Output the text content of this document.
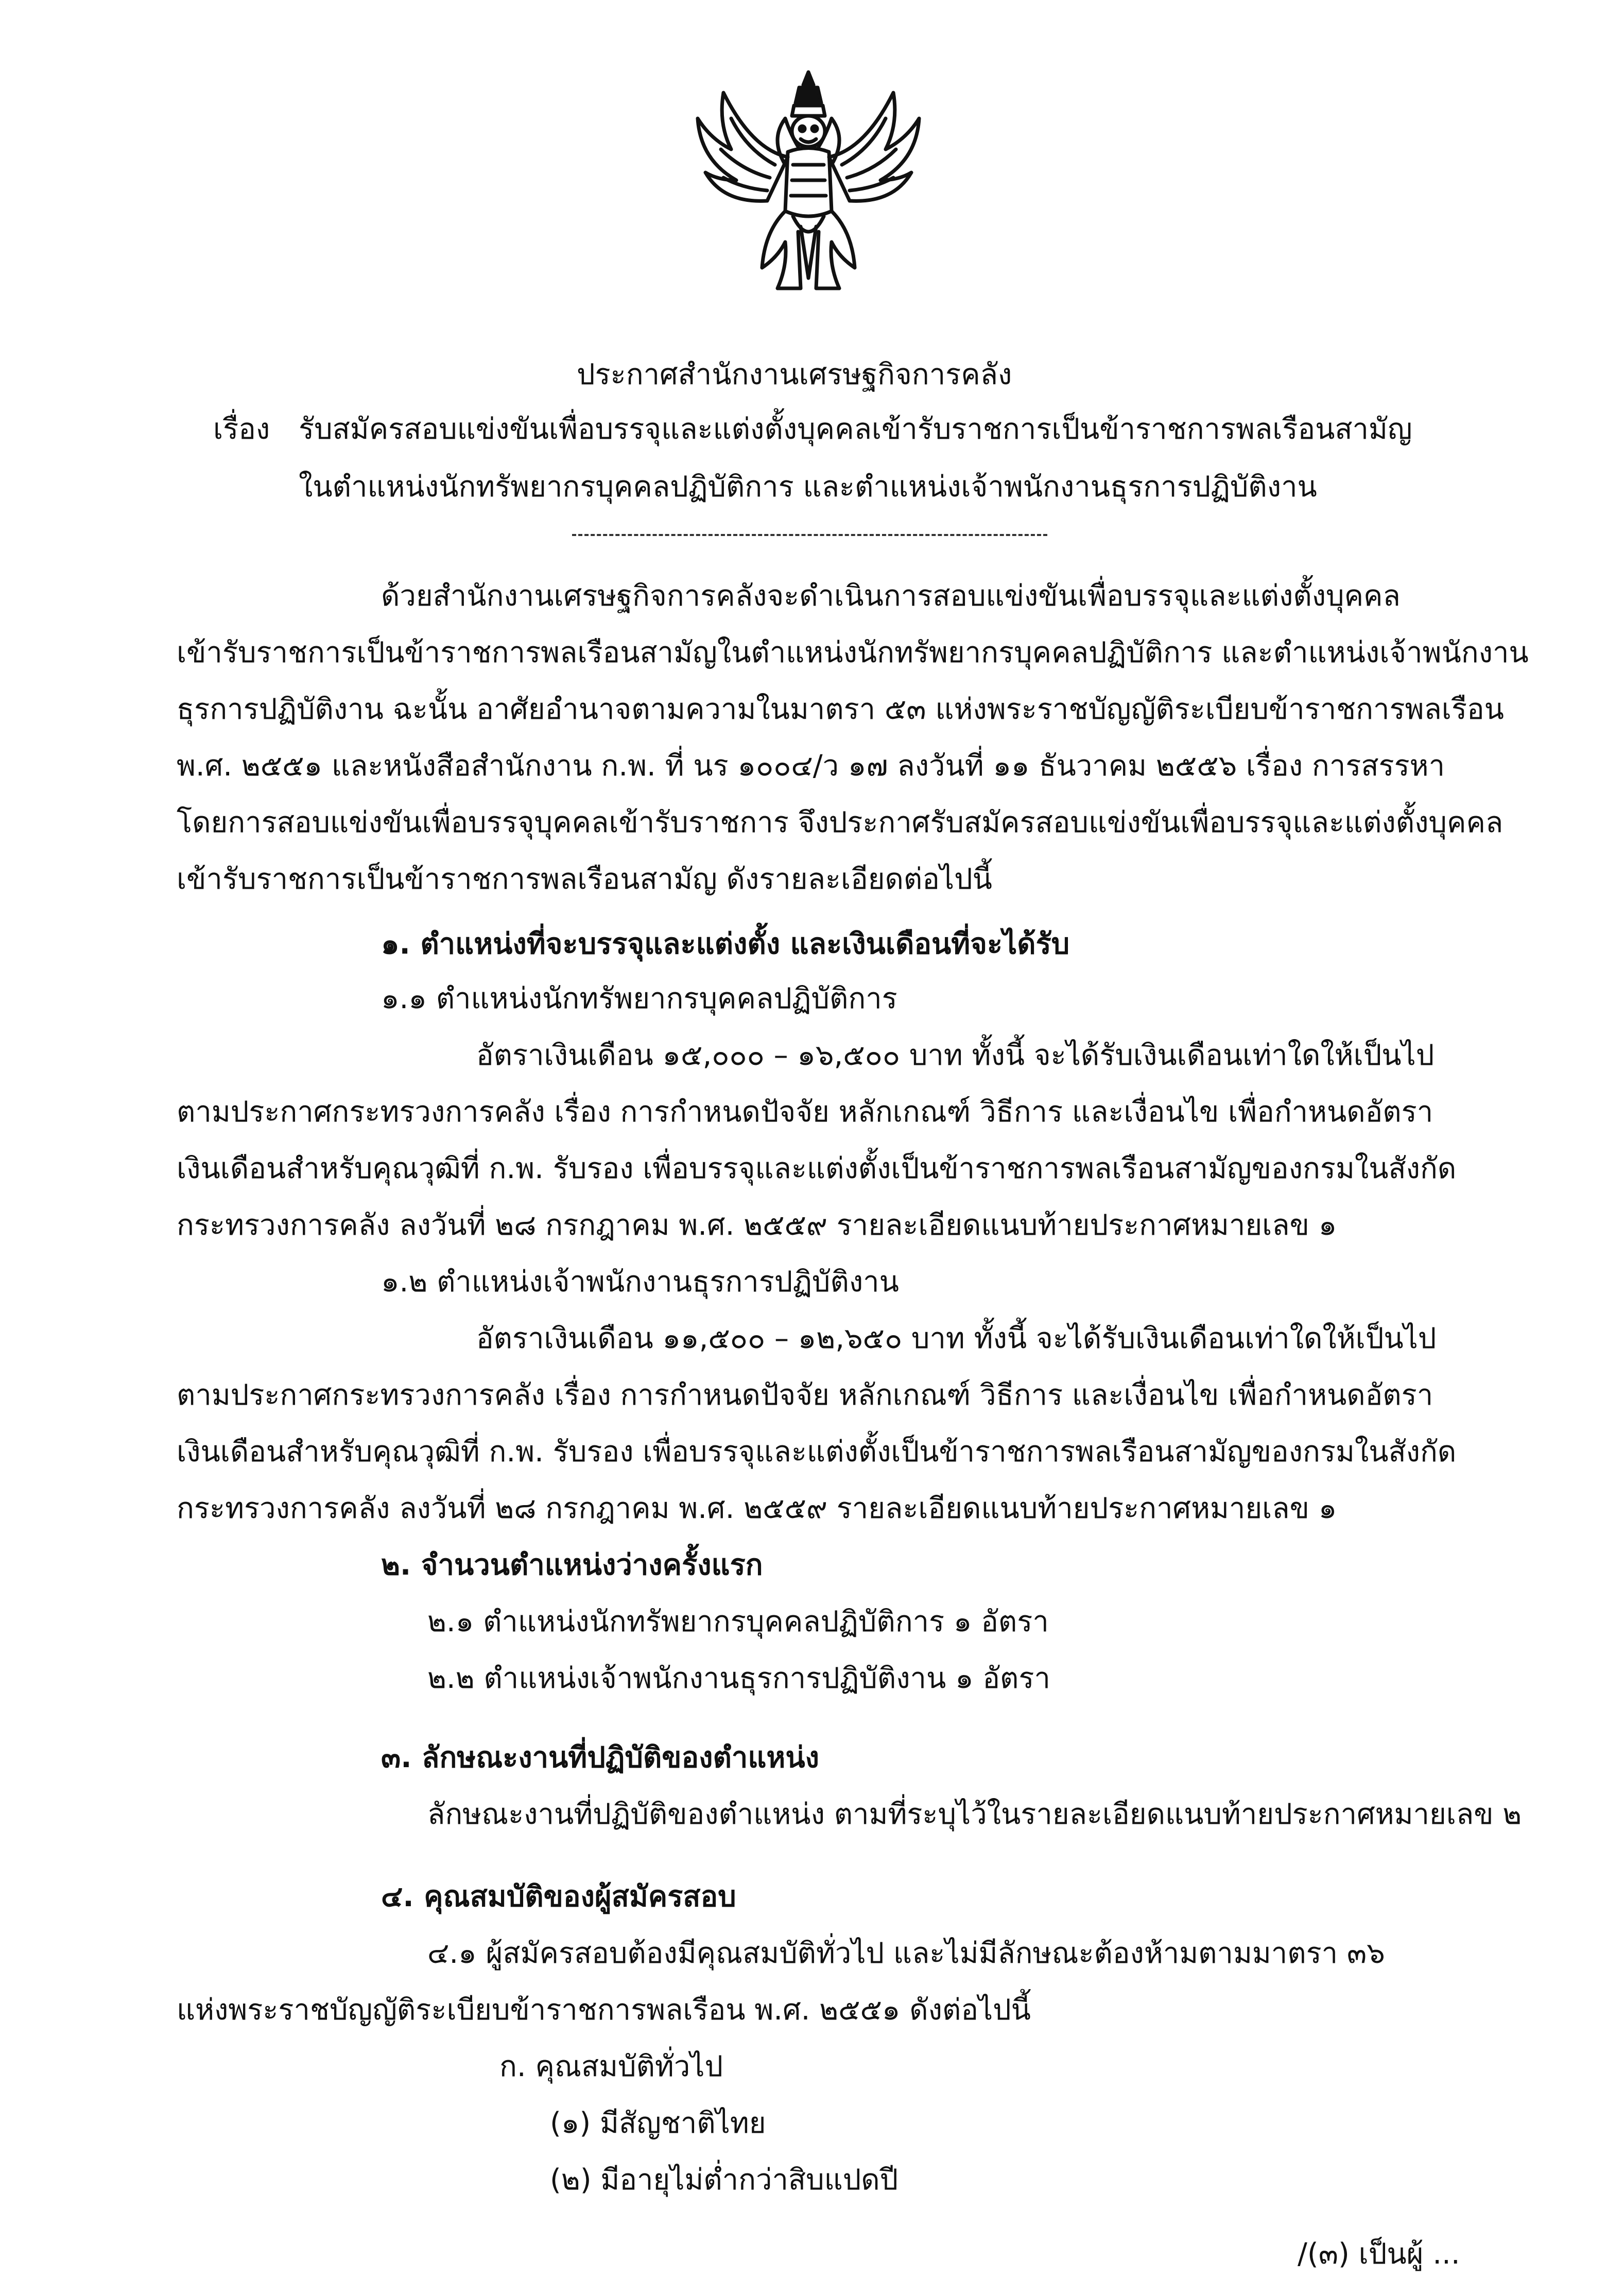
ประกาศสำนักงานเศรษฐกิจการคลัง
เรื่อง รับสมัครสอบแข่งขันเพื่อบรรจุและแต่งตั้งบุคคลเข้ารับราชการเป็นข้าราชการพลเรือนสามัญ
ในตำแหน่งนักทรัพยากรบุคคลปฏิบัติการ และตำแหน่งเจ้าพนักงานธุรการปฏิบัติงาน
ด้วยสำนักงานเศรษฐกิจการคลังจะดำเนินการสอบแข่งขันเพื่อบรรจุและแต่งตั้งบุคคล
เข้ารับราชการเป็นข้าราชการพลเรือนสามัญในตำแหน่งนักทรัพยากรบุคคลปฏิบัติการ และตำแหน่งเจ้าพนักงาน
ธุรการปฏิบัติงาน ฉะนั้น อาศัยอำนาจตามความในมาตรา ๕๓ แห่งพระราชบัญญัติระเบียบข้าราชการพลเรือน
พ.ศ. ๒๕๕๑ และหนังสือสำนักงาน ก.พ. ที่ นร ๑๐๐๔/ว ๑๗ ลงวันที่ ๑๑ ธันวาคม ๒๕๕๖ เรื่อง การสรรหา
โดยการสอบแข่งขันเพื่อบรรจุบุคคลเข้ารับราชการ จึงประกาศรับสมัครสอบแข่งขันเพื่อบรรจุและแต่งตั้งบุคคล
เข้ารับราชการเป็นข้าราชการพลเรือนสามัญ ดังรายละเอียดต่อไปนี้
๑. ตำแหน่งที่จะบรรจุและแต่งตั้ง และเงินเดือนที่จะได้รับ
๑.๑ ตำแหน่งนักทรัพยากรบุคคลปฏิบัติการ
อัตราเงินเดือน ๑๕,๐๐๐ – ๑๖,๕๐๐ บาท ทั้งนี้ จะได้รับเงินเดือนเท่าใดให้เป็นไป
ตามประกาศกระทรวงการคลัง เรื่อง การกำหนดปัจจัย หลักเกณฑ์ วิธีการ และเงื่อนไข เพื่อกำหนดอัตรา
เงินเดือนสำหรับคุณวุฒิที่ ก.พ. รับรอง เพื่อบรรจุและแต่งตั้งเป็นข้าราชการพลเรือนสามัญของกรมในสังกัด
กระทรวงการคลัง ลงวันที่ ๒๘ กรกฎาคม พ.ศ. ๒๕๕๙ รายละเอียดแนบท้ายประกาศหมายเลข ๑
๑.๒ ตำแหน่งเจ้าพนักงานธุรการปฏิบัติงาน
อัตราเงินเดือน ๑๑,๕๐๐ – ๑๒,๖๕๐ บาท ทั้งนี้ จะได้รับเงินเดือนเท่าใดให้เป็นไป
ตามประกาศกระทรวงการคลัง เรื่อง การกำหนดปัจจัย หลักเกณฑ์ วิธีการ และเงื่อนไข เพื่อกำหนดอัตรา
เงินเดือนสำหรับคุณวุฒิที่ ก.พ. รับรอง เพื่อบรรจุและแต่งตั้งเป็นข้าราชการพลเรือนสามัญของกรมในสังกัด
กระทรวงการคลัง ลงวันที่ ๒๘ กรกฎาคม พ.ศ. ๒๕๕๙ รายละเอียดแนบท้ายประกาศหมายเลข ๑
๒. จำนวนตำแหน่งว่างครั้งแรก
๒.๑ ตำแหน่งนักทรัพยากรบุคคลปฏิบัติการ ๑ อัตรา
๒.๒ ตำแหน่งเจ้าพนักงานธุรการปฏิบัติงาน ๑ อัตรา
๓. ลักษณะงานที่ปฏิบัติของตำแหน่ง
ลักษณะงานที่ปฏิบัติของตำแหน่ง ตามที่ระบุไว้ในรายละเอียดแนบท้ายประกาศหมายเลข ๒
๔. คุณสมบัติของผู้สมัครสอบ
๔.๑ ผู้สมัครสอบต้องมีคุณสมบัติทั่วไป และไม่มีลักษณะต้องห้ามตามมาตรา ๓๖
แห่งพระราชบัญญัติระเบียบข้าราชการพลเรือน พ.ศ. ๒๕๕๑ ดังต่อไปนี้
ก. คุณสมบัติทั่วไป
(๑) มีสัญชาติไทย
(๒) มีอายุไม่ต่ำกว่าสิบแปดปี
/(๓) เป็นผู้ ...
